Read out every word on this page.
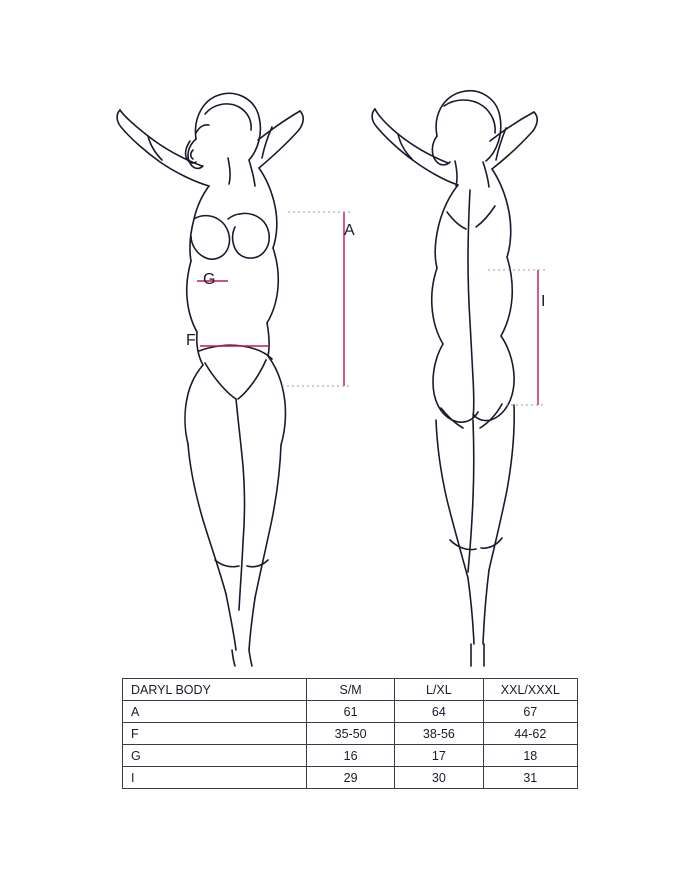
A
G
F
I
DARYL BODY	S/M	L/XL	XXL/XXXL
A	61	64	67
F	35-50	38-56	44-62
G	16	17	18
I	29	30	31
